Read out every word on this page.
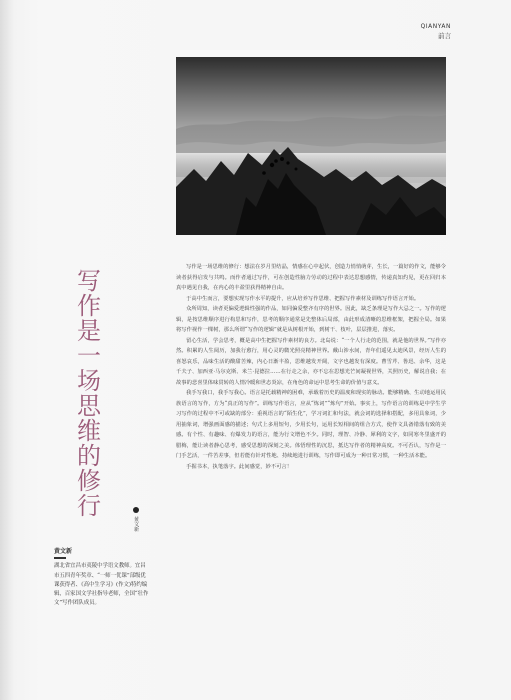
QIANYAN
前言
写作是一场思维的修行
黄文新
黄文新
湖北省宜昌市夷陵中学语文教师。宜昌市五四青年奖章、“一师一优课”部级优课获得者、《高中生学习》(作文)特约编辑，百家国文学社指导老师，全国“壮作文”写作团队成员。

写作是一场思维的修行：想法在岁月里结晶，情感在心中起伏，创造力悄悄萌芽，生长，一篇好的作文，能够令读者获得启发与共鸣。而作者通过写作，可在创造性脑力劳动的过程中表达思想感情，传递真知灼见，更在回归本真中遇见自我，在内心的丰盈里获得精神自由。

于高中生而言，要想实现写作水平的提升，应从培养写作思维、把握写作素材及训练写作语言开始。

众所周知，读者更偏爱逻辑性强的作品，如同偏爱整齐有序的世界。因此，缺乏条理是写作大忌之一。写作的逻辑，是按思维顺序进行构思和写作，思考的顺序通常是先整体后局部，由此形成清晰的思维框架，把握全局。如果将写作视作一棵树，那么所谓“写作的逻辑”就是从树根开始，到树干、枝叶，层层推进，落实。

留心生活，学会思考，概是高中生把握写作素材的良方。北岛说：“一个人行走的范围，就是他的世界。”写作亦然。积累的人生阅历，加我行愈行，用心灵的微光照亮精神世界。戴山涉水间，青年们遥见太迪风景，经历人生的喜怒哀乐，品味生活的酸甜苦辣，内心日渐丰盈，思维越发开阔，文字也越发有深度。曹雪芹、鲁迅、余华，这是千夫子、加西亚·马尔克斯、米兰·昆德拉……在行走之余，亦不忘在思想光芒间凝视世界，关照历史，解说自我；在故事的悲喜里体味贯转的人情冷暖和世态炎凉，在角色的命运中思考生命的价值与意义。

我手写我口，我手写我心。语言是托载精神的困难，承载着历史的温度和现实的脉动。能够精确、生动地运用民族语言的写作，方为“真正的写作”。训练写作语言，应从“炼词”“炼句”开始。事实上，写作语言的训练是中学生学习写作的过程中不可或缺的部分：重视语言的“陌生化”，学习词汇和句法，就会词的选择和搭配，多用具象词，少用抽象词，增强画面感的描述；句式上多用短句，少用长句，运用长短相间的组合方式，使作文具备错落有致的美感。有个性、有趣味、有爆发力的语言，能为行文增色不少。同时，理智、冷静、犀利的文字，如同寒冬里盛开的腊梅，能让读者静心思考，感受思想的深刻之美。体悟理性的沉思，抵达写作者的精神高度。不可否认，写作是一门手艺活，一件苦差事，但若能有针对性地、持续地进行训练，写作即可成为一种日常习惯，一种生活本能。

手握书本，执笔落字。此间感觉，妙不可言！
